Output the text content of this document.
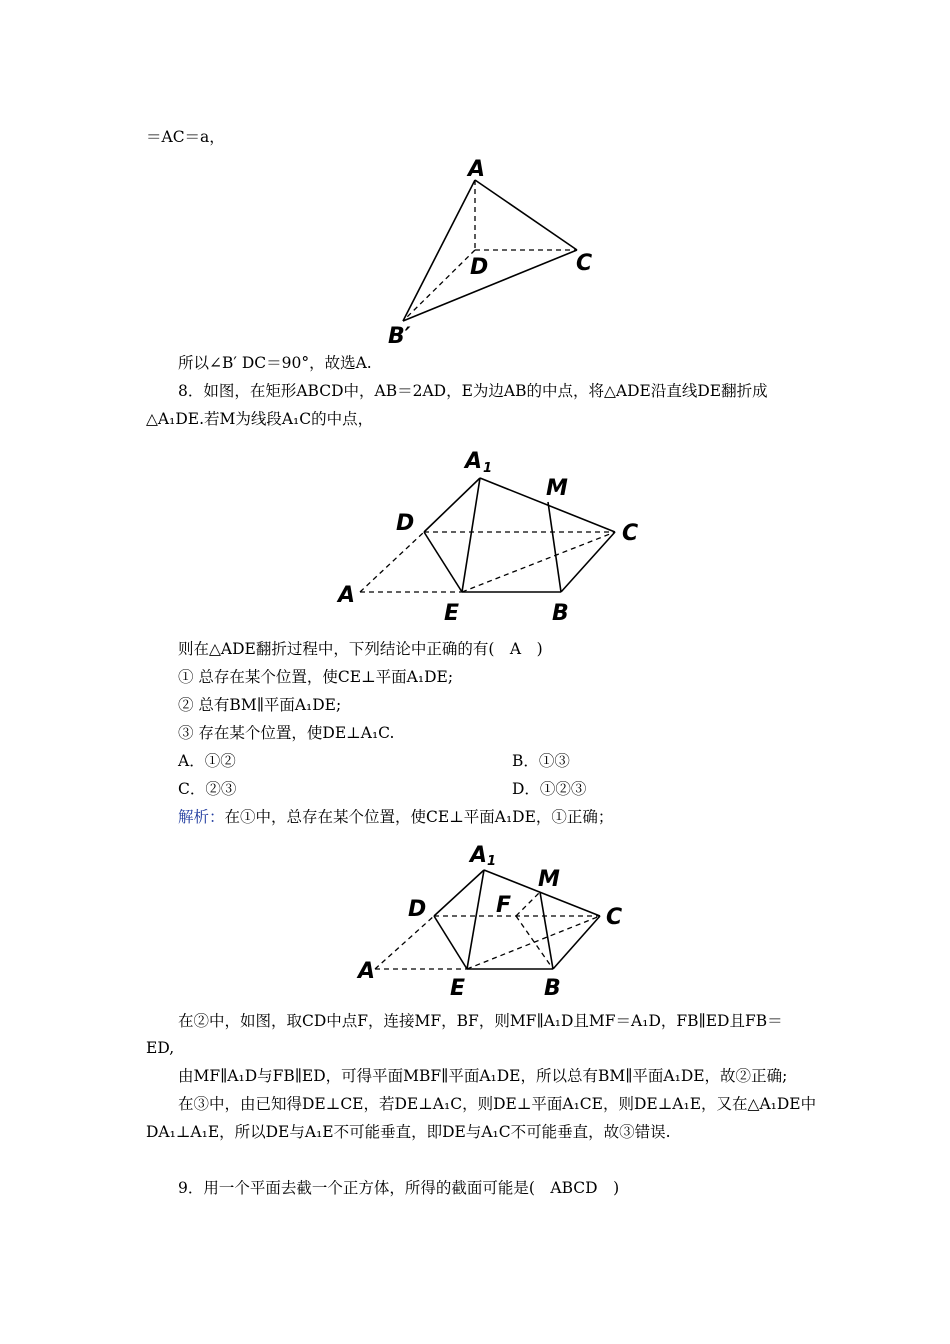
＝AC＝a，
A
D	C
B′
所以∠B′ DC＝90°，故选A.
8．如图，在矩形ABCD中，AB＝2AD，E为边AB的中点，将△ADE沿直线DE翻折成
△A₁DE.若M为线段A₁C的中点，
A 1
M
D	C
A
E	B
则在△ADE翻折过程中，下列结论中正确的有(　A　)
① 总存在某个位置，使CE⊥平面A₁DE;
② 总有BM∥平面A₁DE;
③ 存在某个位置，使DE⊥A₁C.
A．①②	B．①③
C．②③	D．①②③
解析：在①中，总存在某个位置，使CE⊥平面A₁DE，①正确；
A 1
M
D	F	C
A
E	B
在②中，如图，取CD中点F，连接MF，BF，则MF∥A₁D且MF＝A₁D，FB∥ED且FB＝
ED,
由MF∥A₁D与FB∥ED，可得平面MBF∥平面A₁DE，所以总有BM∥平面A₁DE，故②正确;
在③中，由已知得DE⊥CE，若DE⊥A₁C，则DE⊥平面A₁CE，则DE⊥A₁E，又在△A₁DE中
DA₁⊥A₁E，所以DE与A₁E不可能垂直，即DE与A₁C不可能垂直，故③错误.
9．用一个平面去截一个正方体，所得的截面可能是(　ABCD　)
